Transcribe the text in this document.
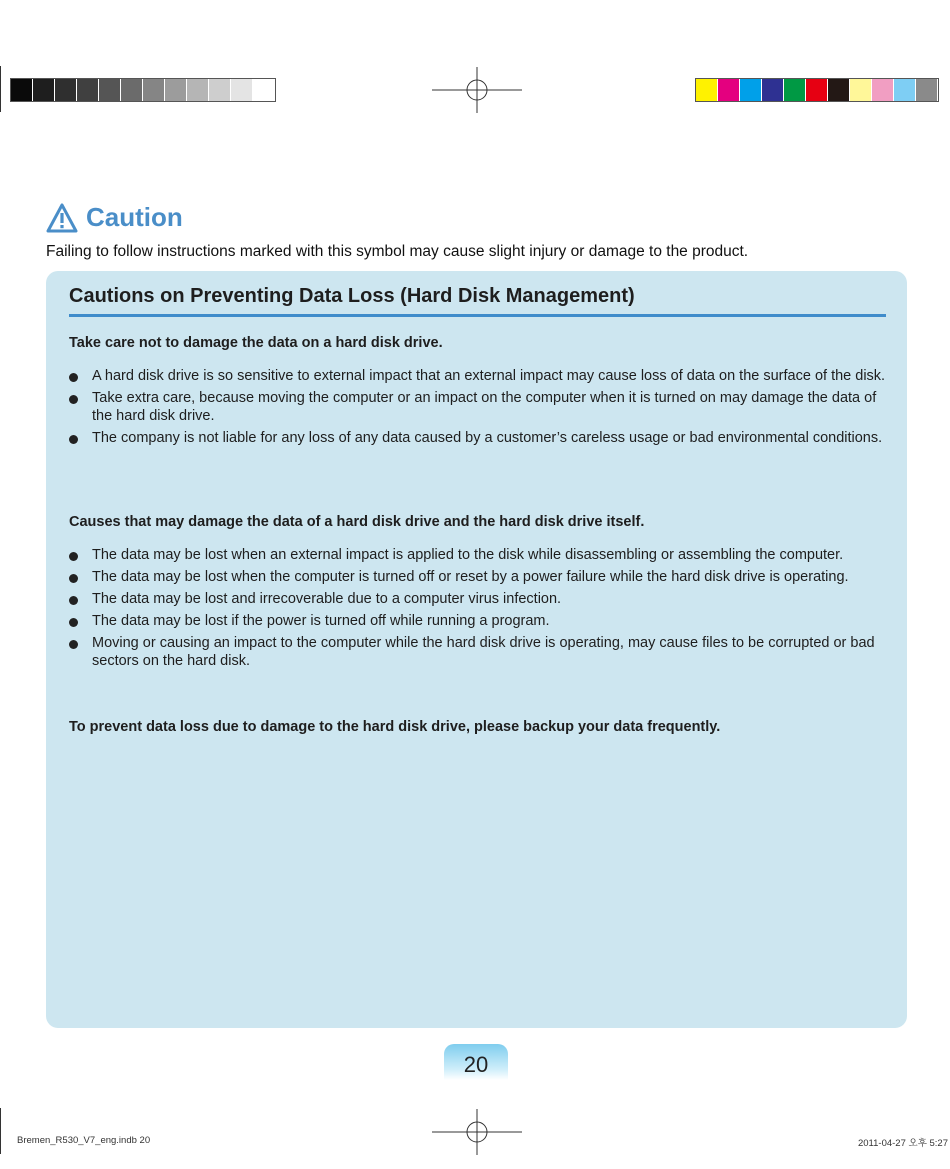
Caution
Failing to follow instructions marked with this symbol may cause slight injury or damage to the product.
Cautions on Preventing Data Loss (Hard Disk Management)
Take care not to damage the data on a hard disk drive.
A hard disk drive is so sensitive to external impact that an external impact may cause loss of data on the surface of the disk.
Take extra care, because moving the computer or an impact on the computer when it is turned on may damage the data of the hard disk drive.
The company is not liable for any loss of any data caused by a customer’s careless usage or bad environmental conditions.
Causes that may damage the data of a hard disk drive and the hard disk drive itself.
The data may be lost when an external impact is applied to the disk while disassembling or assembling the computer.
The data may be lost when the computer is turned off or reset by a power failure while the hard disk drive is operating.
The data may be lost and irrecoverable due to a computer virus infection.
The data may be lost if the power is turned off while running a program.
Moving or causing an impact to the computer while the hard disk drive is operating, may cause files to be corrupted or bad sectors on the hard disk.
To prevent data loss due to damage to the hard disk drive, please backup your data frequently.
20
Bremen_R530_V7_eng.indb 20	2011-04-27 오후 5:27
